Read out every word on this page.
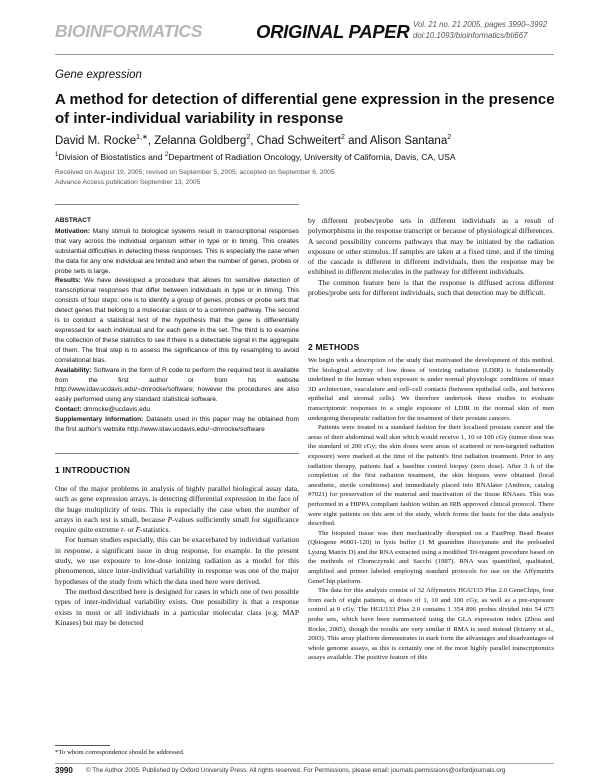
BIOINFORMATICS	ORIGINAL PAPER Vol. 21 no. 21 2005, pages 3990–3992
doi:10.1093/bioinformatics/bti667
Gene expression
A method for detection of differential gene expression in the presence of inter-individual variability in response
David M. Rocke$^{1,∗}$, Zelanna Goldberg$^2$, Chad Schweitert$^2$ and Alison Santana$^2$
$^1$Division of Biostatistics and $^2$Department of Radiation Oncology, University of California, Davis, CA, USA
Received on August 19, 2005; revised on September 5, 2005; accepted on September 6, 2005
Advance Access publication September 13, 2005

ABSTRACT

Motivation: Many stimuli to biological systems result in transcriptional responses that vary across the individual organism either in type or in timing. This creates substantial difficulties in detecting these responses. This is especially the case when the data for any one individual are limited and when the number of genes, probes or probe sets is large.

Results: We have developed a procedure that allows for sensitive detection of transcriptional responses that differ between individuals in type or in timing. This consists of four steps: one is to identify a group of genes, probes or probe sets that detect genes that belong to a molecular class or to a common pathway. The second is to conduct a statistical test of the hypothesis that the gene is differentially expressed for each individual and for each gene in the set. The third is to examine the collection of these statistics to see if there is a detectable signal in the aggregate of them. The final step is to assess the significance of this by resampling to avoid correlational bias.

Availability: Software in the form of R code to perform the required test is available from the first author or from his website http://www.idav.ucdavis.edu/~dmrocke/software; however the procedures are also easily performed using any standard statistical software.

Contact: dmrocke@ucdavis.edu

Supplementary information: Datasets used in this paper may be obtained from the first author's website http://www.idav.ucdavis.edu/~dmrocke/software

1 INTRODUCTION

One of the major problems in analysis of highly parallel biological assay data, such as gene expression arrays, is detecting differential expression in the face of the huge multiplicity of tests. This is especially the case when the number of arrays in each test is small, because P-values sufficiently small for significance require quite extreme t- or F-statistics.

For human studies especially, this can be exacerbated by individual variation in response, a significant issue in drug response, for example. In the present study, we use exposure to low-dose ionizing radiation as a model for this phenomenon, since inter-individual variability in response was one of the major hypotheses of the study from which the data used here were derived.

The method described here is designed for cases in which one of two possible types of inter-individual variability exists. One possibility is that a response exists in most or all individuals in a particular molecular class (e.g. MAP Kinases) but may be detected

by different probes/probe sets in different individuals as a result of polymorphisms in the response transcript or because of physiological differences. A second possibility concerns pathways that may be initiated by the radiation exposure or other stimulus. If samples are taken at a fixed time, and if the timing of the cascade is different in different individuals, then the response may be exhibited in different molecules in the pathway for different individuals.

The common feature here is that the response is diffused across different probes/probe sets for different individuals, such that detection may be difficult.

2 METHODS

We begin with a description of the study that motivated the development of this method. The biological activity of low doses of ionizing radiation (LDIR) is fundamentally undefined in the human when exposure is under normal physiologic conditions of intact 3D architecture, vasculature and cell–cell contacts (between epithelial cells, and between epithelial and stromal cells). We therefore undertook these studies to evaluate transcriptomic responses to a single exposure of LDIR in the normal skin of men undergoing therapeutic radiation for the treatment of their prostate cancers.

Patients were treated in a standard fashion for their localized prostate cancer and the areas of their abdominal wall skin which would receive 1, 10 or 100 cGy (tumor dose was the standard of 200 cGy; the skin doses were areas of scattered or non-targeted radiation exposure) were marked at the time of the patient's first radiation treatment. Prior to any radiation therapy, patients had a baseline control biopsy (zero dose). After 3 h of the completion of the first radiation treatment, the skin biopsies were obtained (local anesthetic, sterile conditions) and immediately placed into RNAlater (Ambion, catalog #7021) for preservation of the material and inactivation of the tissue RNAses. This was performed in a HIPPA compliant fashion within an IRB approved clinical protocol. There were eight patients on this arm of the study, which forms the basis for the data analysis described.

The biopsied tissue was then mechanically disrupted on a FastPrep Bead Beater (Qbiogene #6001-120) in lysis buffer (1 M guanidine thiocyanate and the preloaded Lysing Matrix D) and the RNA extracted using a modified Tri-reagent procedure based on the methods of Chomczynski and Sacchi (1987). RNA was quantified, qualitated, amplified and primer labeled employing standard protocols for use on the Affymetrix GeneChip platform.

The data for this analysis consist of 32 Affymetrix HGU133 Plus 2.0 GeneChips, four from each of eight patients, at doses of 1, 10 and 100 cGy, as well as a pre-exposure control at 0 cGy. The HGU133 Plus 2.0 contains 1 354 896 probes divided into 54 675 probe sets, which have been summarized using the GLA expression index (Zhou and Rocke, 2005), though the results are very similar if RMA is used instead (Irizarry et al., 2003). This array platform demonstrates in stark form the advantages and disadvantages of whole genome assays, as this is certainly one of the most highly parallel transcriptomics assays available. The positive feature of this

*To whom correspondence should be addressed.
3990 © The Author 2005. Published by Oxford University Press. All rights reserved. For Permissions, please email: journals.permissions@oxfordjournals.org
